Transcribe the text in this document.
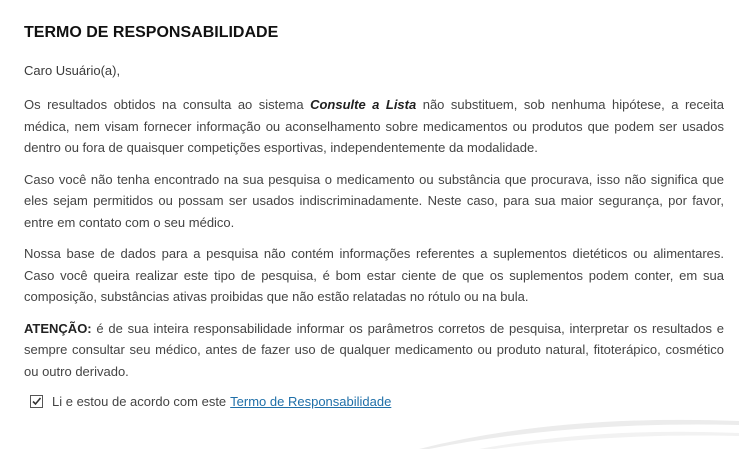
TERMO DE RESPONSABILIDADE

Caro Usuário(a),

Os resultados obtidos na consulta ao sistema Consulte a Lista não substituem, sob nenhuma hipótese, a receita médica, nem visam fornecer informação ou aconselhamento sobre medicamentos ou produtos que podem ser usados dentro ou fora de quaisquer competições esportivas, independentemente da modalidade.

Caso você não tenha encontrado na sua pesquisa o medicamento ou substância que procurava, isso não significa que eles sejam permitidos ou possam ser usados indiscriminadamente. Neste caso, para sua maior segurança, por favor, entre em contato com o seu médico.

Nossa base de dados para a pesquisa não contém informações referentes a suplementos dietéticos ou alimentares. Caso você queira realizar este tipo de pesquisa, é bom estar ciente de que os suplementos podem conter, em sua composição, substâncias ativas proibidas que não estão relatadas no rótulo ou na bula.

ATENÇÃO: é de sua inteira responsabilidade informar os parâmetros corretos de pesquisa, interpretar os resultados e sempre consultar seu médico, antes de fazer uso de qualquer medicamento ou produto natural, fitoterápico, cosmético ou outro derivado.

Li e estou de acordo com este Termo de Responsabilidade
